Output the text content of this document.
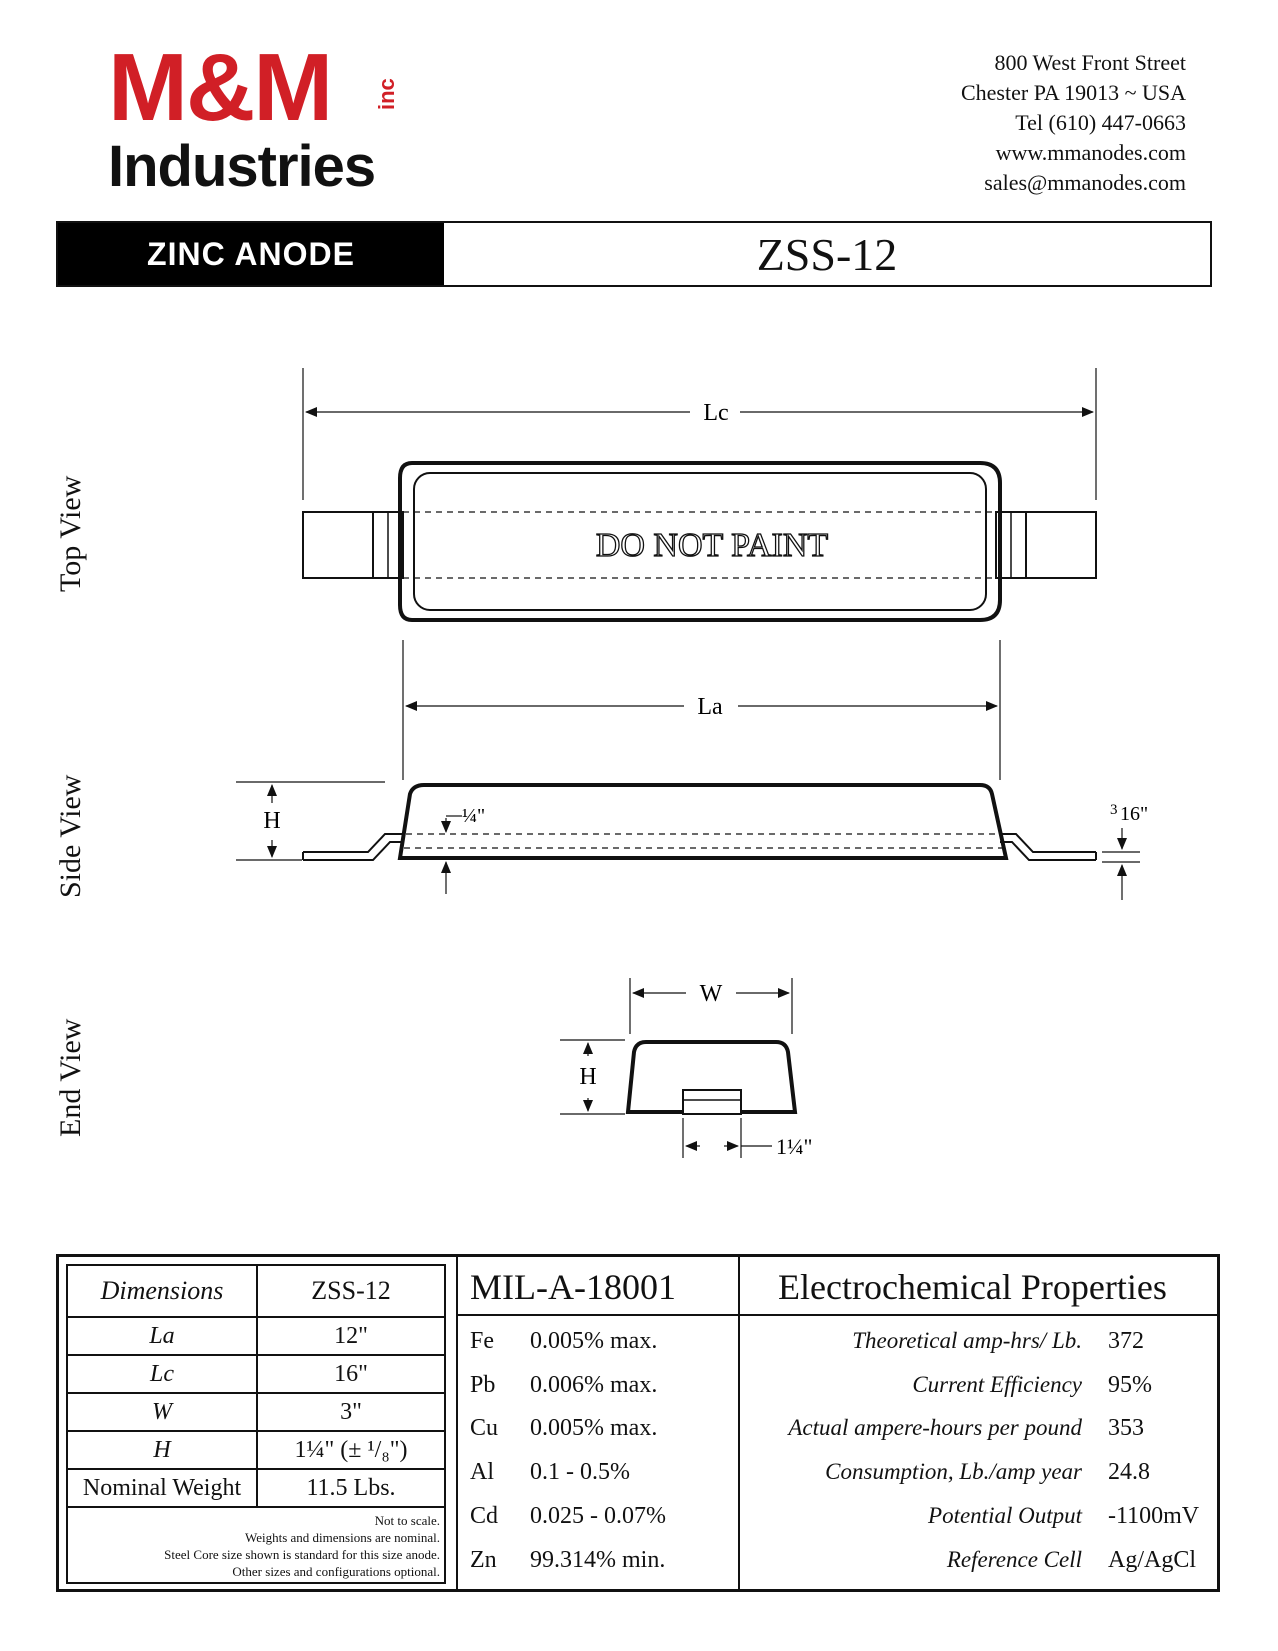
M&M
Industries
inc
800 West Front Street
Chester PA 19013 ~ USA
Tel (610) 447-0663
www.mmanodes.com
sales@mmanodes.com
ZINC ANODE	ZSS-12
Top View
Side View
End View
Lc
La
DO NOT PAINT
H	¼"	3 16"
W
H
1¼"
Dimensions	ZSS-12
La	12"
Lc	16"
W	3"
H	1¼" (± ¹/₈")
Nominal Weight	11.5 Lbs.

Not to scale.
Weights and dimensions are nominal.
Steel Core size shown is standard for this size anode.
Other sizes and configurations optional.	
MIL-A-18001
Fe 0.005% max.
Pb 0.006% max.
Cu 0.005% max.
Al 0.1 - 0.5%
Cd 0.025 - 0.07%
Zn 99.314% min.
Electrochemical Properties
Theoretical amp-hrs/ Lb. 372
Current Efficiency 95%
Actual ampere-hours per pound 353
Consumption, Lb./amp year 24.8
Potential Output -1100mV
Reference Cell Ag/AgCl
